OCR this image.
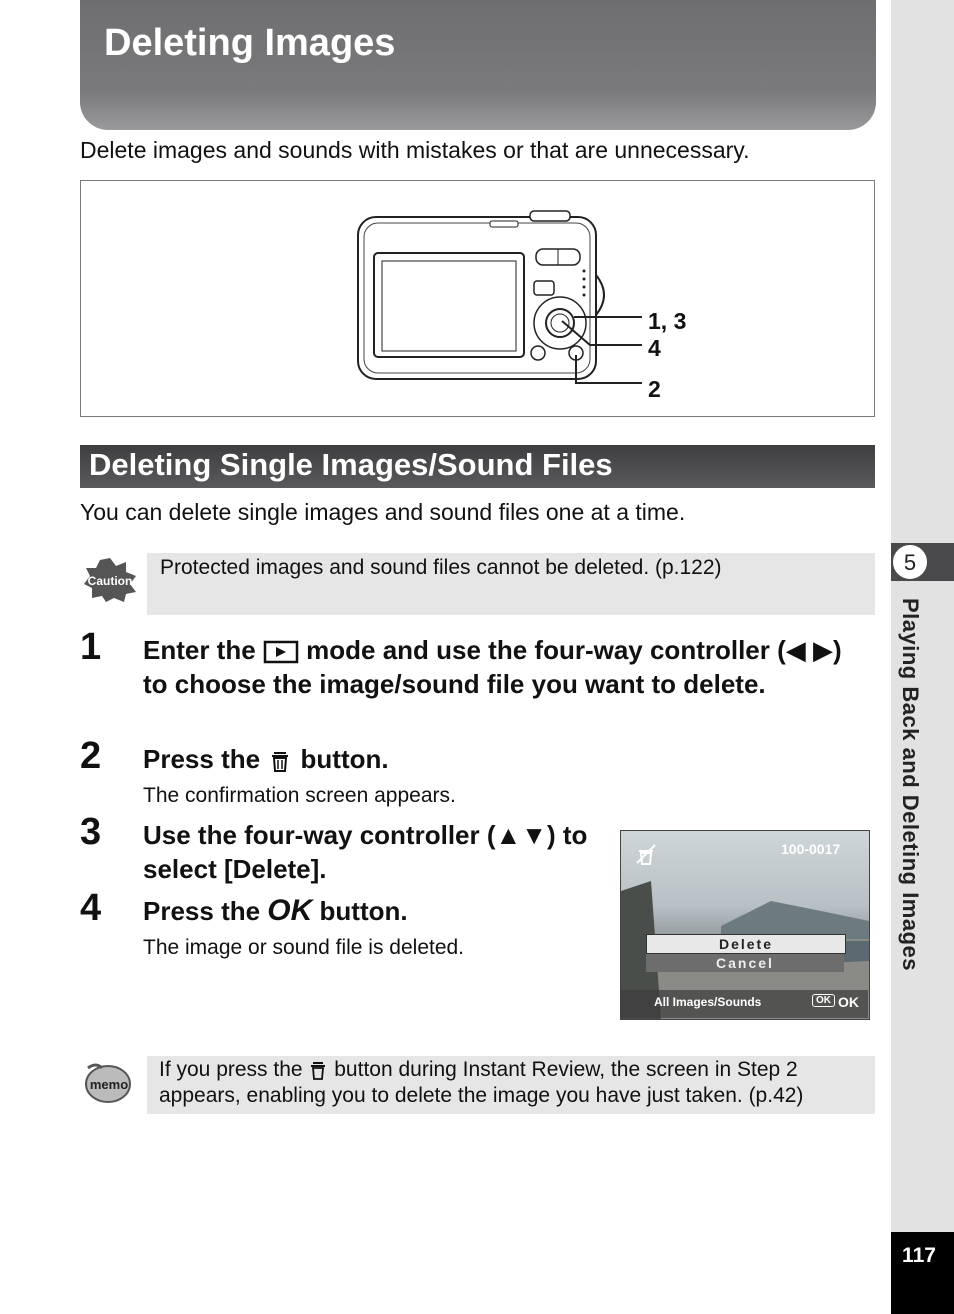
5
Playing Back and Deleting Images
117
Deleting Images
Delete images and sounds with mistakes or that are unnecessary.
1, 3
4
2
Deleting Single Images/Sound Files
You can delete single images and sound files one at a time.
Caution
Protected images and sound files cannot be deleted. (p.122)
1 Enter the  mode and use the four-way controller (◀ ▶) to choose the image/sound file you want to delete.
2 Press the  button.
The confirmation screen appears.
3 Use the four-way controller (▲▼) to select [Delete].
4 Press the OK button.
The image or sound file is deleted.
100-0017
Delete
Cancel
All Images/Sounds	OK OK
memo
If you press the  button during Instant Review, the screen in Step 2 appears, enabling you to delete the image you have just taken. (p.42)
